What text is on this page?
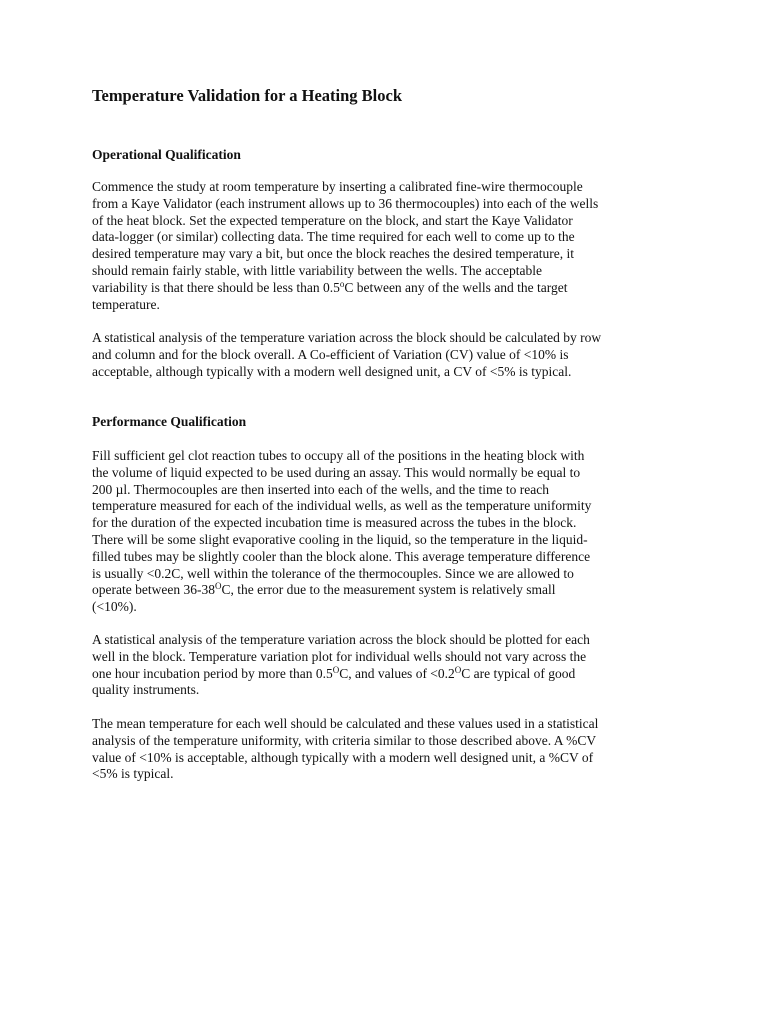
Temperature Validation for a Heating Block
Operational Qualification

Commence the study at room temperature by inserting a calibrated fine-wire thermocouple
from a Kaye Validator (each instrument allows up to 36 thermocouples) into each of the wells
of the heat block. Set the expected temperature on the block, and start the Kaye Validator
data-logger (or similar) collecting data. The time required for each well to come up to the
desired temperature may vary a bit, but once the block reaches the desired temperature, it
should remain fairly stable, with little variability between the wells. The acceptable
variability is that there should be less than 0.5$^o$C between any of the wells and the target
temperature.

A statistical analysis of the temperature variation across the block should be calculated by row
and column and for the block overall. A Co-efficient of Variation (CV) value of <10% is
acceptable, although typically with a modern well designed unit, a CV of <5% is typical.

Performance Qualification

Fill sufficient gel clot reaction tubes to occupy all of the positions in the heating block with
the volume of liquid expected to be used during an assay. This would normally be equal to
200 µl. Thermocouples are then inserted into each of the wells, and the time to reach
temperature measured for each of the individual wells, as well as the temperature uniformity
for the duration of the expected incubation time is measured across the tubes in the block.
There will be some slight evaporative cooling in the liquid, so the temperature in the liquid-
filled tubes may be slightly cooler than the block alone. This average temperature difference
is usually <0.2C, well within the tolerance of the thermocouples. Since we are allowed to
operate between $36-38^OC$, the error due to the measurement system is relatively small
(<10%).

A statistical analysis of the temperature variation across the block should be plotted for each
well in the block. Temperature variation plot for individual wells should not vary across the
one hour incubation period by more than $0.5^OC$, and values of $<0.2^OC$ are typical of good
quality instruments.

The mean temperature for each well should be calculated and these values used in a statistical
analysis of the temperature uniformity, with criteria similar to those described above. A %CV
value of <10% is acceptable, although typically with a modern well designed unit, a %CV of
<5% is typical.
